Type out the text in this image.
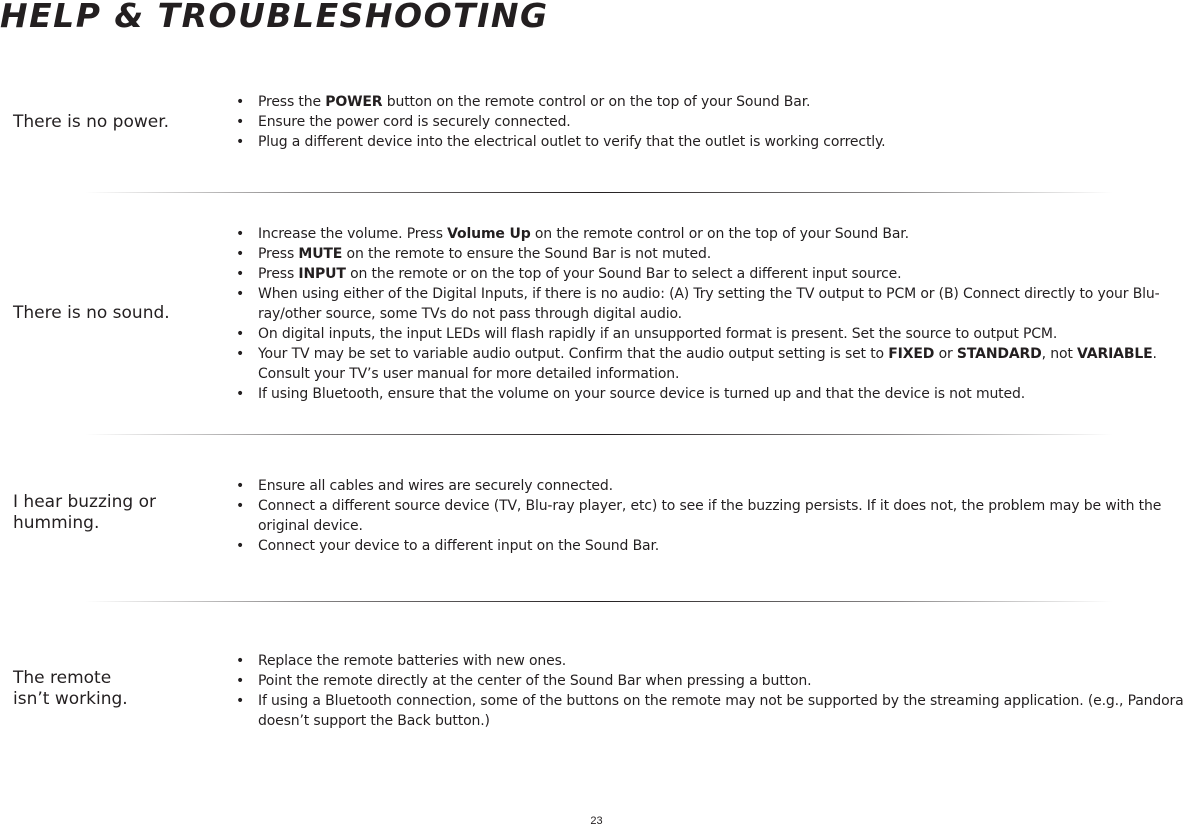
HELP & TROUBLESHOOTING
There is no power.
• Press the POWER button on the remote control or on the top of your Sound Bar.
• Ensure the power cord is securely connected.
• Plug a different device into the electrical outlet to verify that the outlet is working correctly.
There is no sound.
• Increase the volume. Press Volume Up on the remote control or on the top of your Sound Bar.
• Press MUTE on the remote to ensure the Sound Bar is not muted.
• Press INPUT on the remote or on the top of your Sound Bar to select a different input source.
• When using either of the Digital Inputs, if there is no audio: (A) Try setting the TV output to PCM or (B) Connect directly to your Blu-ray/other source, some TVs do not pass through digital audio.
• On digital inputs, the input LEDs will flash rapidly if an unsupported format is present. Set the source to output PCM.
• Your TV may be set to variable audio output. Confirm that the audio output setting is set to FIXED or STANDARD, not VARIABLE. Consult your TV’s user manual for more detailed information.
• If using Bluetooth, ensure that the volume on your source device is turned up and that the device is not muted.
I hear buzzing or
humming.
• Ensure all cables and wires are securely connected.
• Connect a different source device (TV, Blu-ray player, etc) to see if the buzzing persists. If it does not, the problem may be with the original device.
• Connect your device to a different input on the Sound Bar.
The remote
isn’t working.
• Replace the remote batteries with new ones.
• Point the remote directly at the center of the Sound Bar when pressing a button.
• If using a Bluetooth connection, some of the buttons on the remote may not be supported by the streaming application. (e.g., Pandora doesn’t support the Back button.)
23
